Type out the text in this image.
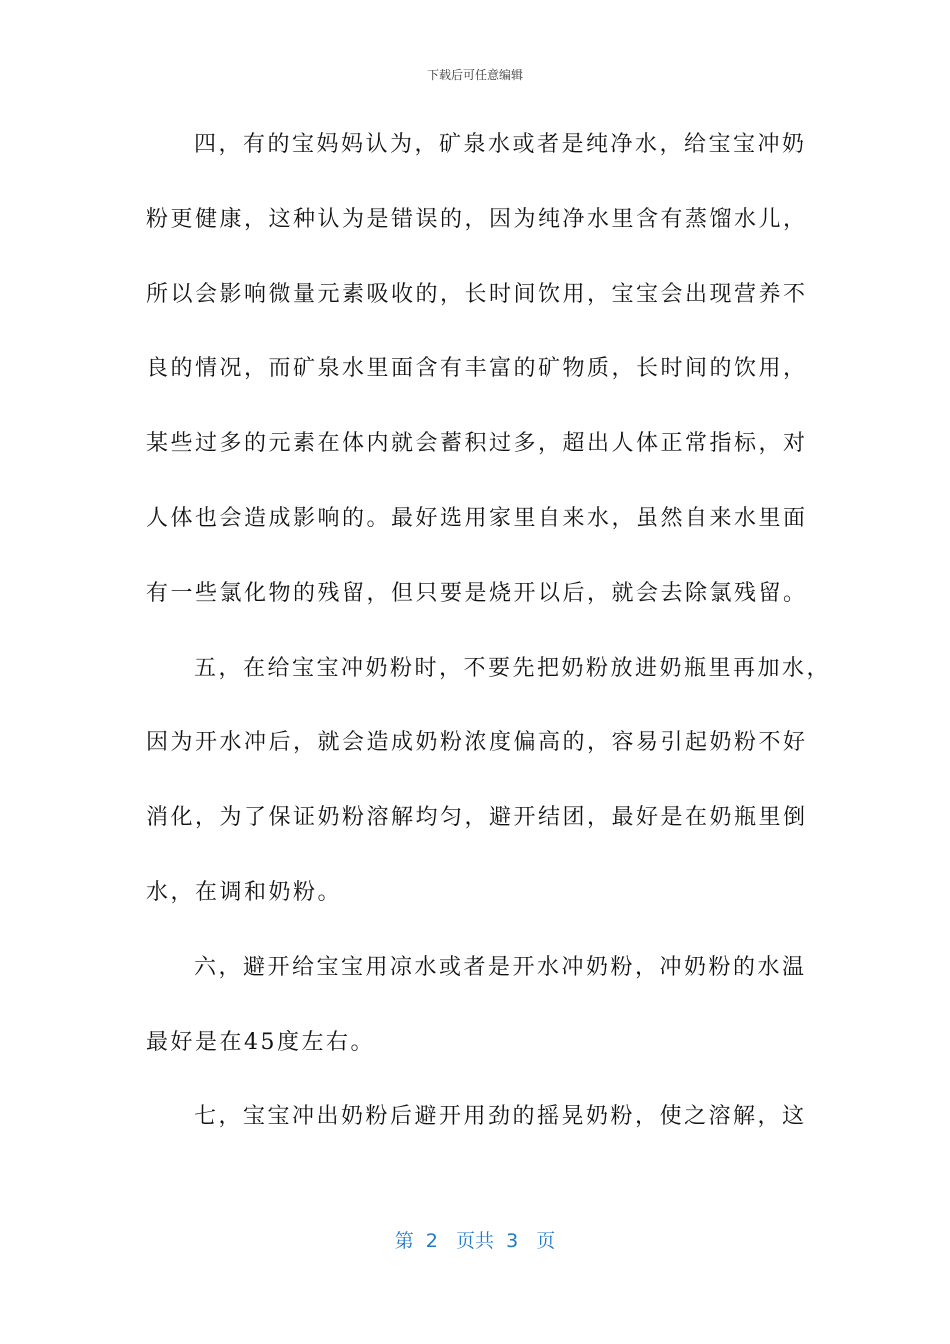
下载后可任意编辑
四，有的宝妈妈认为，矿泉水或者是纯净水，给宝宝冲奶
粉更健康，这种认为是错误的，因为纯净水里含有蒸馏水儿，
所以会影响微量元素吸收的，长时间饮用，宝宝会出现营养不
良的情况，而矿泉水里面含有丰富的矿物质，长时间的饮用，
某些过多的元素在体内就会蓄积过多，超出人体正常指标，对
人体也会造成影响的。最好选用家里自来水，虽然自来水里面
有一些氯化物的残留，但只要是烧开以后，就会去除氯残留。
五，在给宝宝冲奶粉时，不要先把奶粉放进奶瓶里再加水，
因为开水冲后，就会造成奶粉浓度偏高的，容易引起奶粉不好
消化，为了保证奶粉溶解均匀，避开结团，最好是在奶瓶里倒
水，在调和奶粉。
六，避开给宝宝用凉水或者是开水冲奶粉，冲奶粉的水温
最好是在45度左右。
七，宝宝冲出奶粉后避开用劲的摇晃奶粉，使之溶解，这
第  2   页共  3   页
